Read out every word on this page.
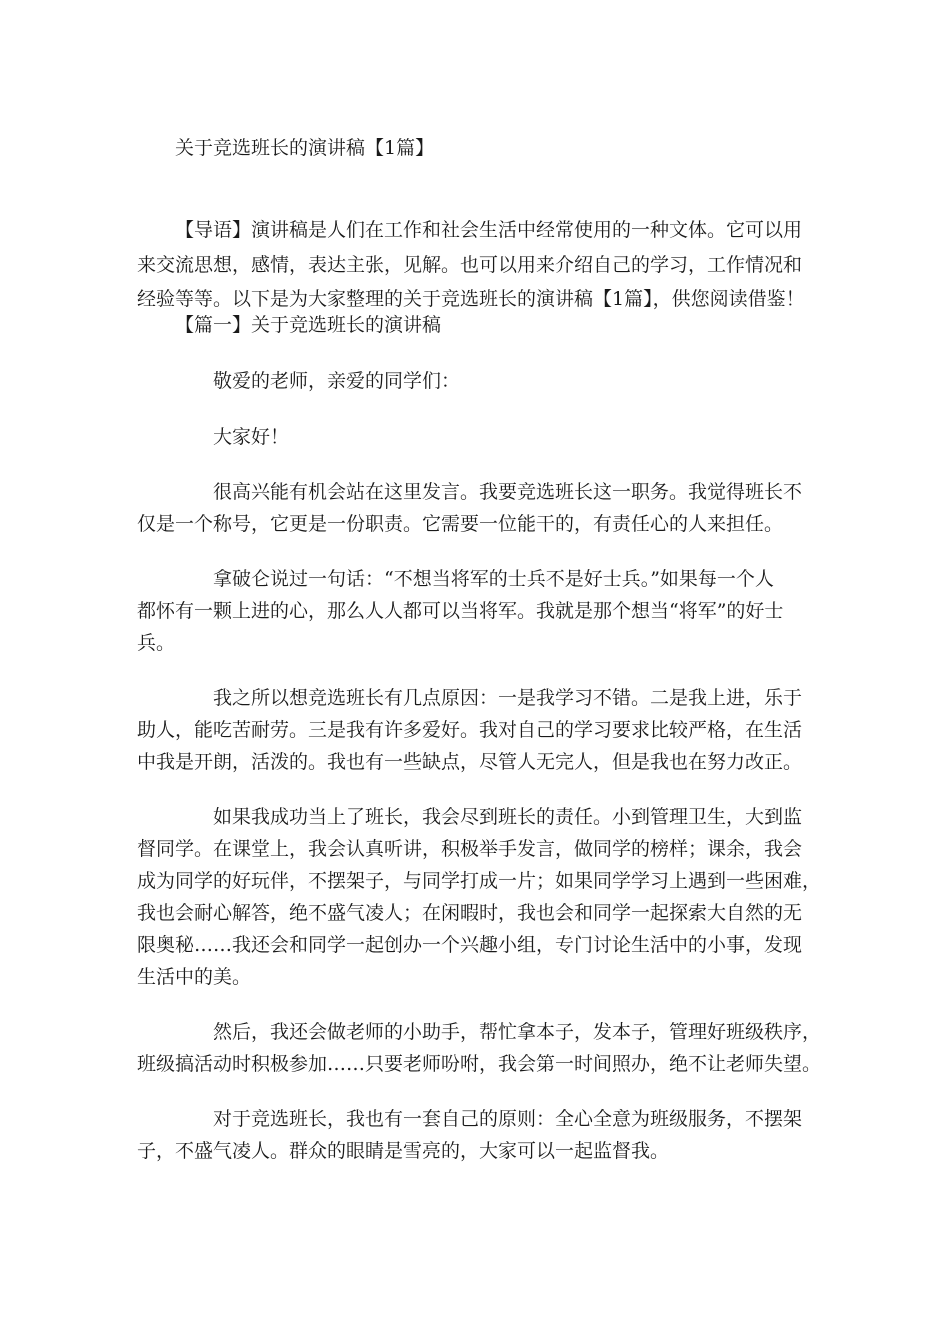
关于竞选班长的演讲稿【1篇】

【导语】演讲稿是人们在工作和社会生活中经常使用的一种文体。它可以用

来交流思想，感情，表达主张，见解。也可以用来介绍自己的学习，工作情况和

经验等等。以下是为大家整理的关于竞选班长的演讲稿【1篇】，供您阅读借鉴！

【篇一】关于竞选班长的演讲稿

敬爱的老师，亲爱的同学们：

大家好！

很高兴能有机会站在这里发言。我要竞选班长这一职务。我觉得班长不

仅是一个称号，它更是一份职责。它需要一位能干的，有责任心的人来担任。

拿破仑说过一句话：“不想当将军的士兵不是好士兵。”如果每一个人

都怀有一颗上进的心，那么人人都可以当将军。我就是那个想当“将军”的好士

兵。

我之所以想竞选班长有几点原因：一是我学习不错。二是我上进，乐于

助人，能吃苦耐劳。三是我有许多爱好。我对自己的学习要求比较严格，在生活

中我是开朗，活泼的。我也有一些缺点，尽管人无完人，但是我也在努力改正。

如果我成功当上了班长，我会尽到班长的责任。小到管理卫生，大到监

督同学。在课堂上，我会认真听讲，积极举手发言，做同学的榜样；课余，我会

成为同学的好玩伴，不摆架子，与同学打成一片；如果同学学习上遇到一些困难，

我也会耐心解答，绝不盛气凌人；在闲暇时，我也会和同学一起探索大自然的无

限奥秘……我还会和同学一起创办一个兴趣小组，专门讨论生活中的小事，发现

生活中的美。

然后，我还会做老师的小助手，帮忙拿本子，发本子，管理好班级秩序，

班级搞活动时积极参加……只要老师吩咐，我会第一时间照办，绝不让老师失望。

对于竞选班长，我也有一套自己的原则：全心全意为班级服务，不摆架

子，不盛气凌人。群众的眼睛是雪亮的，大家可以一起监督我。
